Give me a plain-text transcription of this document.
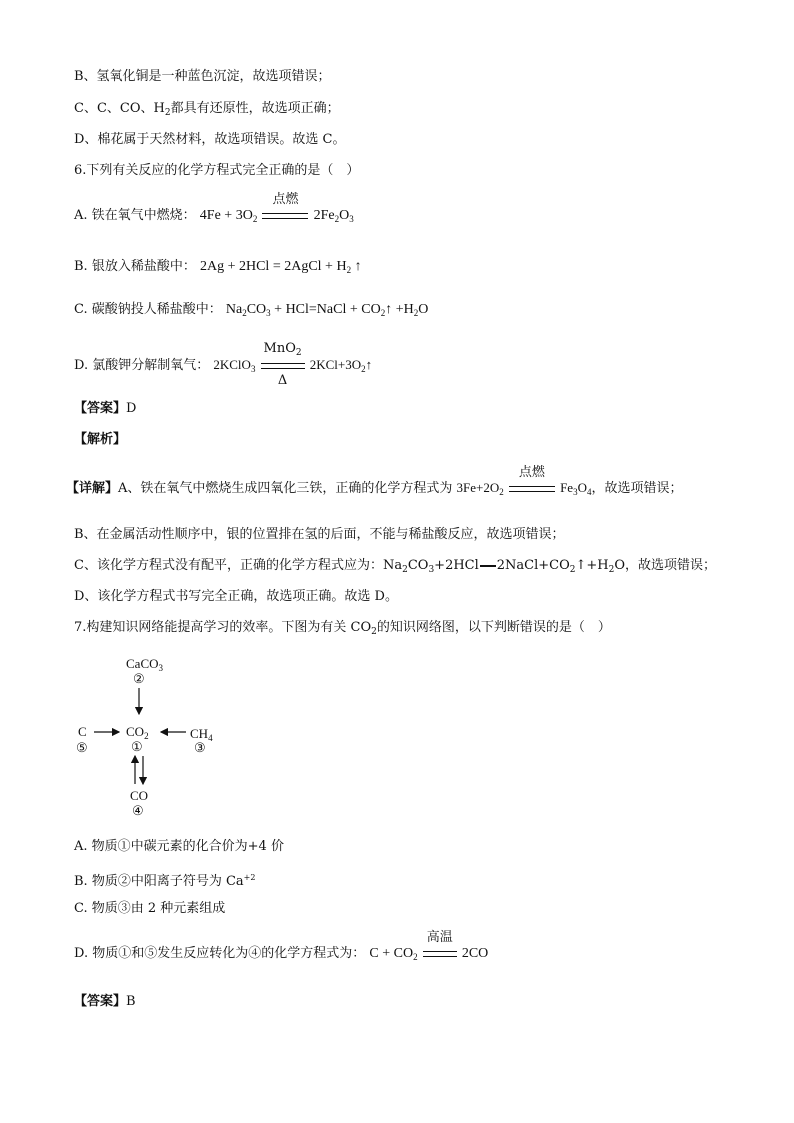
B、氢氧化铜是一种蓝色沉淀，故选项错误；
C、C、CO、$H_2$都具有还原性，故选项正确；
D、棉花属于天然材料，故选项错误。故选 C。
6.下列有关反应的化学方程式完全正确的是（　）
A. 铁在氧气中燃烧： $4Fe + 3O_2$
点燃
$2Fe_2O_3$
B. 银放入稀盐酸中： 2Ag + 2HCl = 2AgCl + $H_2$ ↑
C. 碳酸钠投人稀盐酸中： $Na_2CO_3$ + HCl=NaCl + $CO_2↑ +H_2O$
D. 氯酸钾分解制氧气： 2KClO$_3$
MnO$_2$
Δ
$2KCl+3O_2↑$
【答案】D
【解析】
【详解】A、铁在氧气中燃烧生成四氧化三铁，正确的化学方程式为 $3Fe+2O_2$
点燃
$Fe_3O_4$，故选项错误；
B、在金属活动性顺序中，银的位置排在氢的后面，不能与稀盐酸反应，故选项错误；
C、该化学方程式没有配平，正确的化学方程式应为：$Na_2CO_3+2HCl$ $2NaCl+CO_2↑+H_2O$，故选项错误；
D、该化学方程式书写完全正确，故选项正确。故选 D。
7.构建知识网络能提高学习的效率。下图为有关 $CO_2$的知识网络图，以下判断错误的是（　）
CaCO$_3$
②
C
⑤
$CO_2$
①
$CH_4$
③
CO
④
A. 物质①中碳元素的化合价为+4 价
B. 物质②中阳离子符号为 $Ca^{+2}$
C. 物质③由 2 种元素组成
D. 物质①和⑤发生反应转化为④的化学方程式为： $C + CO_2$
高温
2CO
【答案】B
